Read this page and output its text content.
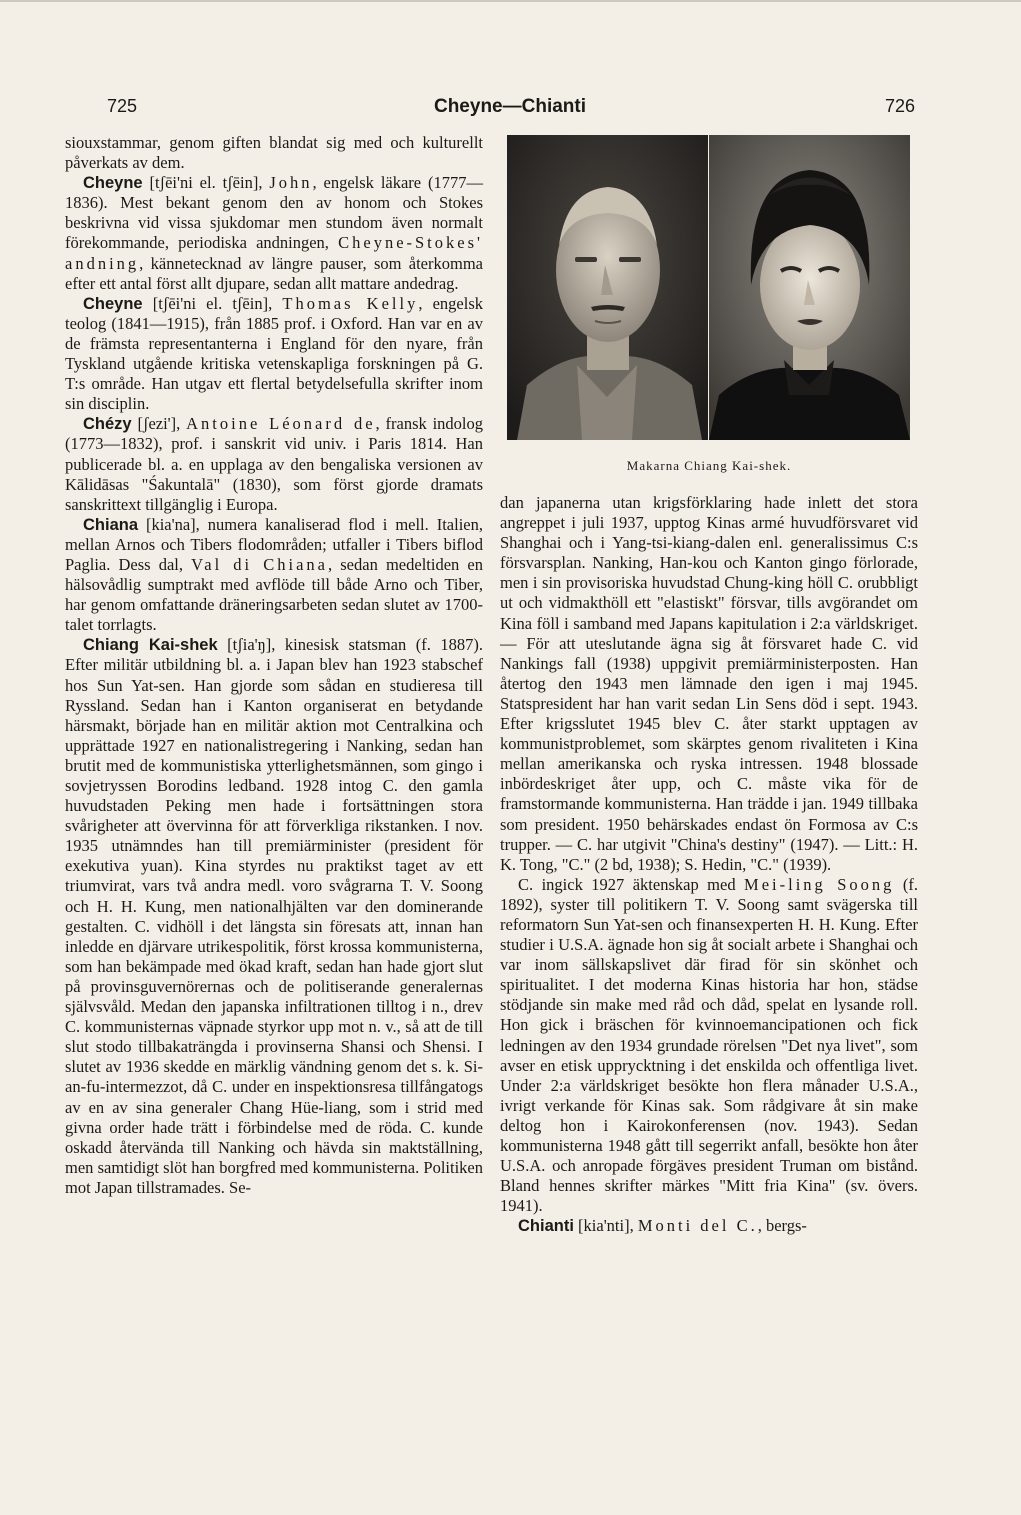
725	Cheyne—Chianti	726

siouxstammar, genom giften blandat sig med och kulturellt påverkats av dem.

Cheyne [tʃēi'ni el. tʃēin], John, engelsk läkare (1777—1836). Mest bekant genom den av honom och Stokes beskrivna vid vissa sjukdomar men stundom även normalt förekommande, periodiska andningen, Cheyne-Stokes' andning, kännetecknad av längre pauser, som återkomma efter ett antal först allt djupare, sedan allt mattare andedrag.

Cheyne [tʃēi'ni el. tʃēin], Thomas Kelly, engelsk teolog (1841—1915), från 1885 prof. i Oxford. Han var en av de främsta representanterna i England för den nyare, från Tyskland utgående kritiska vetenskapliga forskningen på G. T:s område. Han utgav ett flertal betydelsefulla skrifter inom sin disciplin.

Chézy [ʃezi'], Antoine Léonard de, fransk indolog (1773—1832), prof. i sanskrit vid univ. i Paris 1814. Han publicerade bl. a. en upplaga av den bengaliska versionen av Kālidāsas "Śakuntalā" (1830), som först gjorde dramats sanskrittext tillgänglig i Europa.

Chiana [kia'na], numera kanaliserad flod i mell. Italien, mellan Arnos och Tibers flodområden; utfaller i Tibers biflod Paglia. Dess dal, Val di Chiana, sedan medeltiden en hälsovådlig sumptrakt med avflöde till både Arno och Tiber, har genom omfattande dräneringsarbeten sedan slutet av 1700-talet torrlagts.

Chiang Kai-shek [tʃia'ŋ], kinesisk statsman (f. 1887). Efter militär utbildning bl. a. i Japan blev han 1923 stabschef hos Sun Yat-sen. Han gjorde som sådan en studieresa till Ryssland. Sedan han i Kanton organiserat en betydande härsmakt, började han en militär aktion mot Centralkina och upprättade 1927 en nationalistregering i Nanking, sedan han brutit med de kommunistiska ytterlighetsmännen, som gingo i sovjetryssen Borodins ledband. 1928 intog C. den gamla huvudstaden Peking men hade i fortsättningen stora svårigheter att övervinna för att förverkliga rikstanken. I nov. 1935 utnämndes han till premiärminister (president för exekutiva yuan). Kina styrdes nu praktikst taget av ett triumvirat, vars två andra medl. voro svågrarna T. V. Soong och H. H. Kung, men nationalhjälten var den dominerande gestalten. C. vidhöll i det längsta sin föresats att, innan han inledde en djärvare utrikespolitik, först krossa kommunisterna, som han bekämpade med ökad kraft, sedan han hade gjort slut på provinsguvernörernas och de politiserande generalernas självsvåld. Medan den japanska infiltrationen tilltog i n., drev C. kommunisternas väpnade styrkor upp mot n. v., så att de till slut stodo tillbakaträngda i provinserna Shansi och Shensi. I slutet av 1936 skedde en märklig vändning genom det s. k. Si-an-fu-intermezzot, då C. under en inspektionsresa tillfångatogs av en av sina generaler Chang Hüe-liang, som i strid med givna order hade trätt i förbindelse med de röda. C. kunde oskadd återvända till Nanking och hävda sin maktställning, men samtidigt slöt han borgfred med kommunisterna. Politiken mot Japan tillstramades. Se-

Makarna Chiang Kai-shek.

dan japanerna utan krigsförklaring hade inlett det stora angreppet i juli 1937, upptog Kinas armé huvudförsvaret vid Shanghai och i Yang-tsi-kiang-dalen enl. generalissimus C:s försvarsplan. Nanking, Han-kou och Kanton gingo förlorade, men i sin provisoriska huvudstad Chung-king höll C. orubbligt ut och vidmakthöll ett "elastiskt" försvar, tills avgörandet om Kina föll i samband med Japans kapitulation i 2:a världskriget. — För att uteslutande ägna sig åt försvaret hade C. vid Nankings fall (1938) uppgivit premiärministerposten. Han återtog den 1943 men lämnade den igen i maj 1945. Statspresident har han varit sedan Lin Sens död i sept. 1943. Efter krigsslutet 1945 blev C. åter starkt upptagen av kommunistproblemet, som skärptes genom rivaliteten i Kina mellan amerikanska och ryska intressen. 1948 blossade inbördeskriget åter upp, och C. måste vika för de framstormande kommunisterna. Han trädde i jan. 1949 tillbaka som president. 1950 behärskades endast ön Formosa av C:s trupper. — C. har utgivit "China's destiny" (1947). — Litt.: H. K. Tong, "C." (2 bd, 1938); S. Hedin, "C." (1939).

C. ingick 1927 äktenskap med Mei-ling Soong (f. 1892), syster till politikern T. V. Soong samt svägerska till reformatorn Sun Yat-sen och finansexperten H. H. Kung. Efter studier i U.S.A. ägnade hon sig åt socialt arbete i Shanghai och var inom sällskapslivet där firad för sin skönhet och spiritualitet. I det moderna Kinas historia har hon, städse stödjande sin make med råd och dåd, spelat en lysande roll. Hon gick i bräschen för kvinnoemancipationen och fick ledningen av den 1934 grundade rörelsen "Det nya livet", som avser en etisk upprycktning i det enskilda och offentliga livet. Under 2:a världskriget besökte hon flera månader U.S.A., ivrigt verkande för Kinas sak. Som rådgivare åt sin make deltog hon i Kairokonferensen (nov. 1943). Sedan kommunisterna 1948 gått till segerrikt anfall, besökte hon åter U.S.A. och anropade förgäves president Truman om bistånd. Bland hennes skrifter märkes "Mitt fria Kina" (sv. övers. 1941).

Chianti [kia'nti], Monti del C., bergs-
